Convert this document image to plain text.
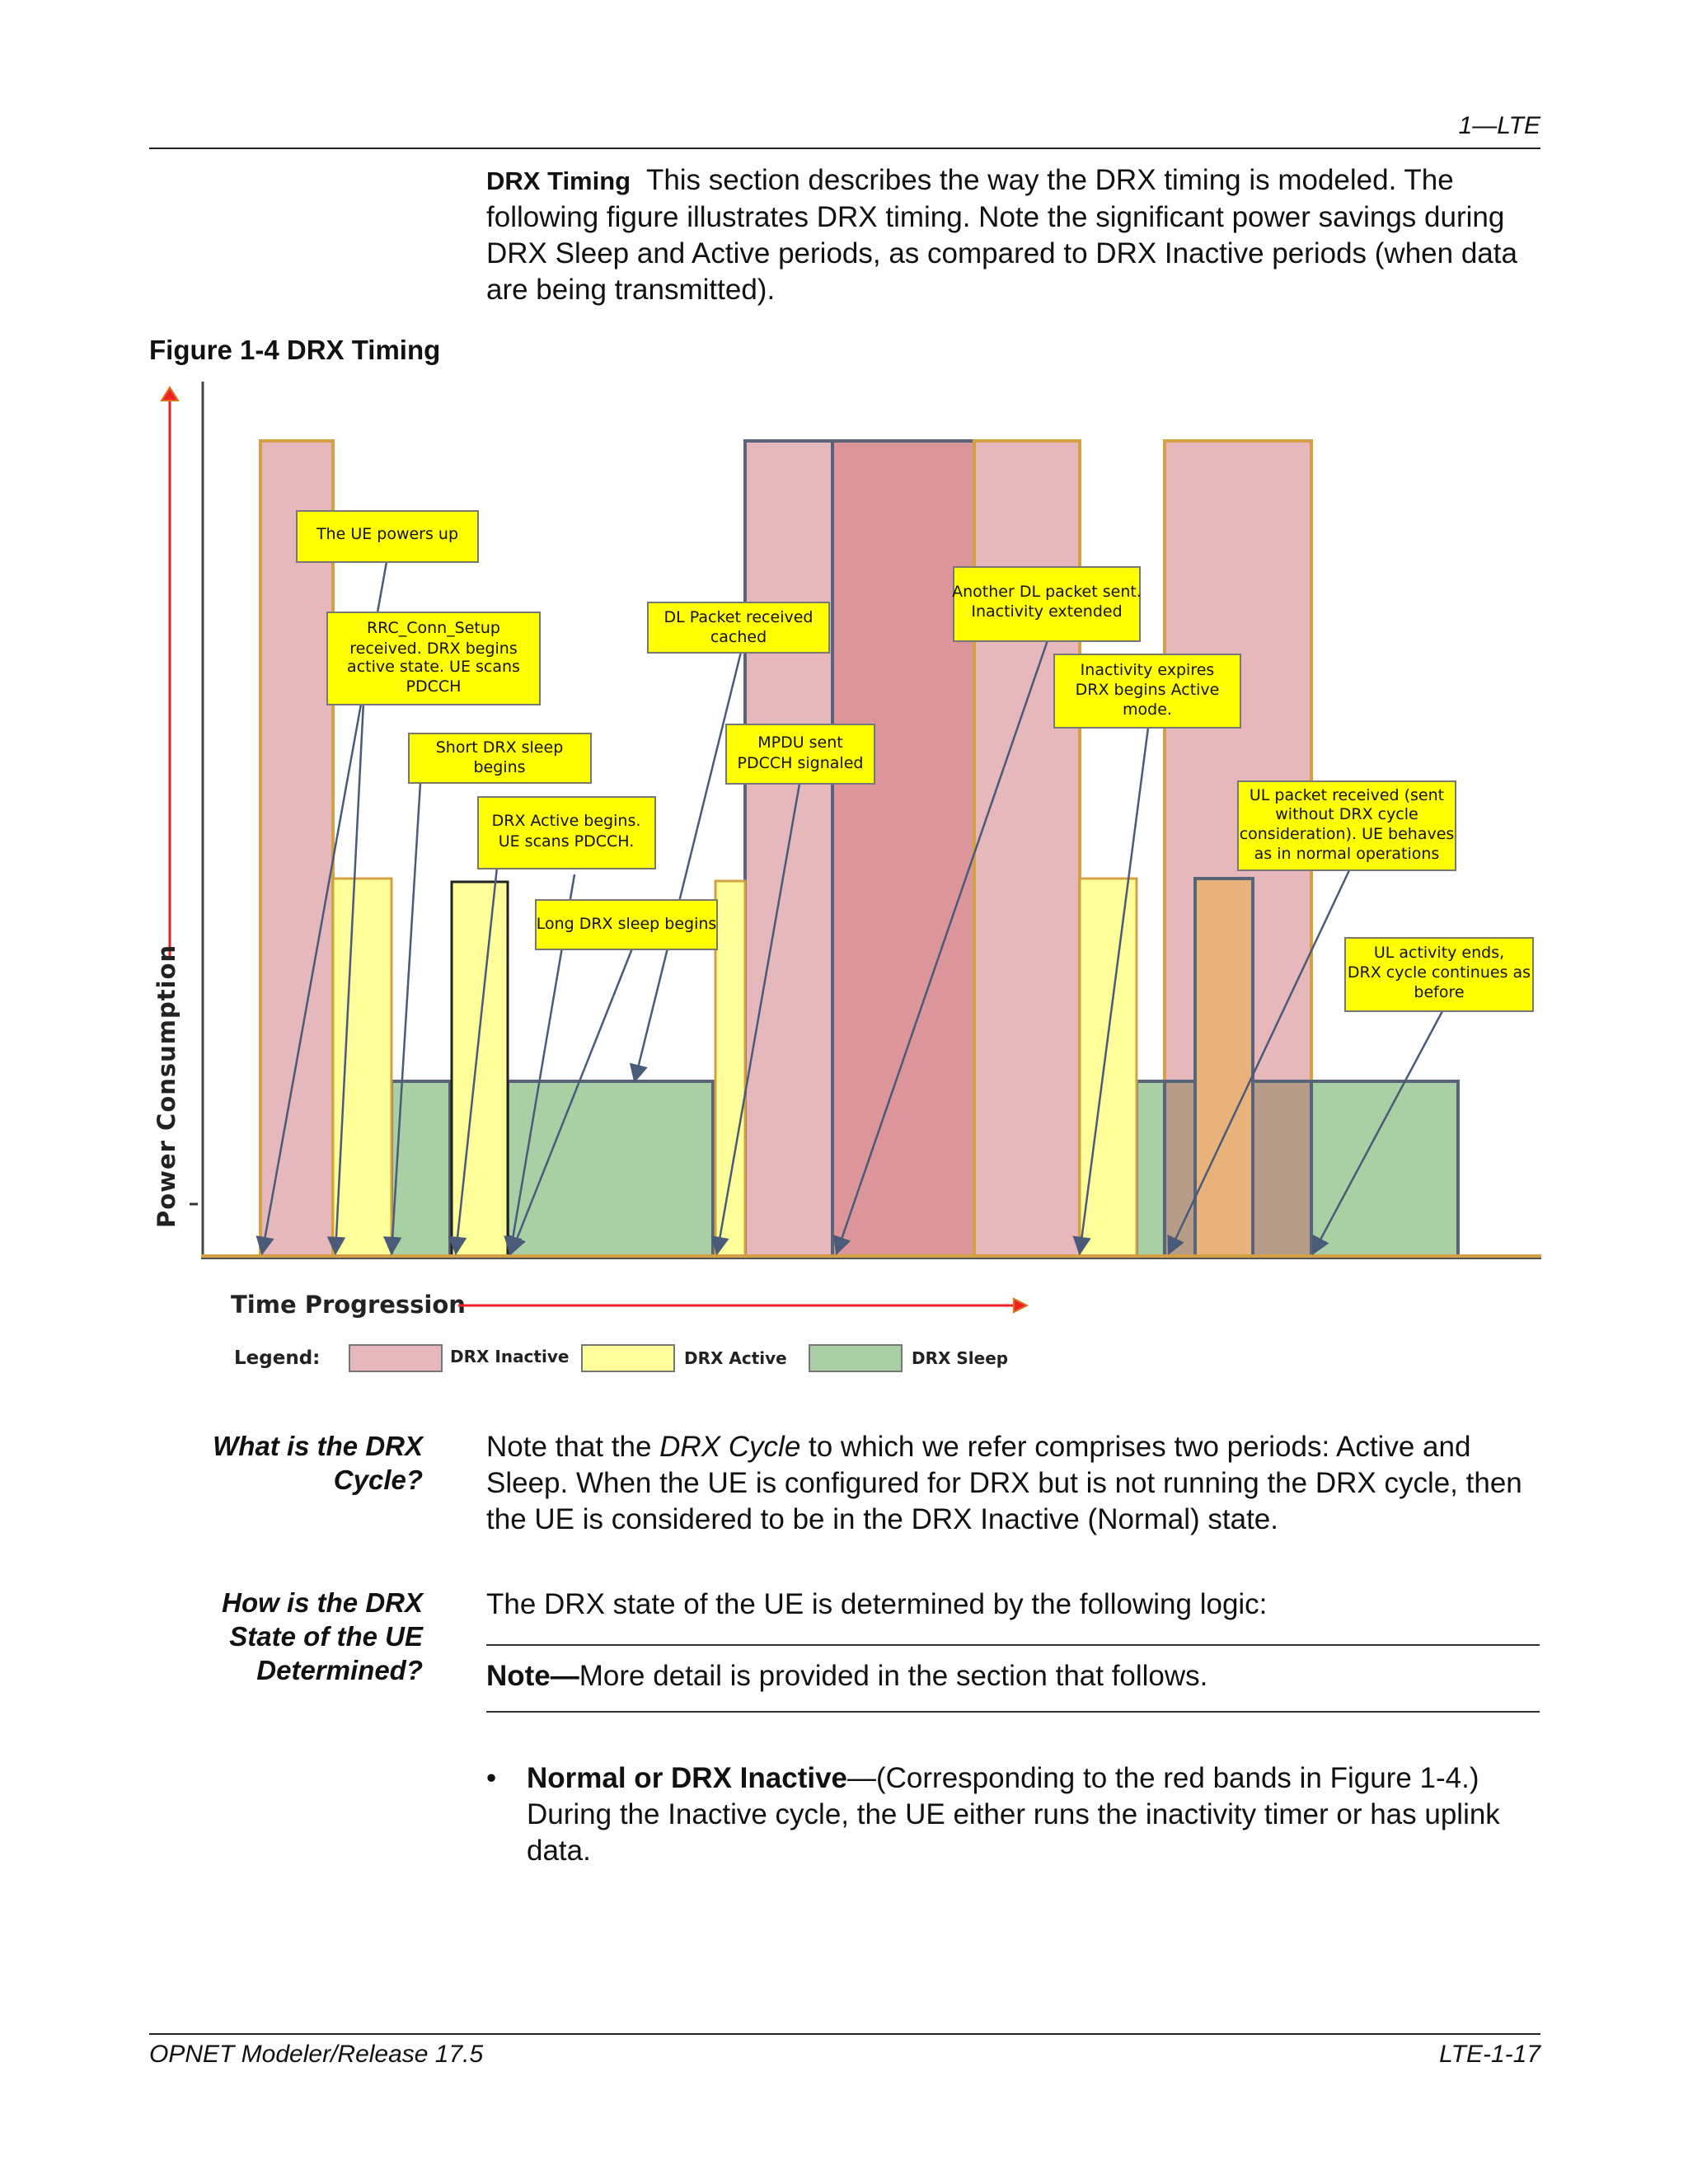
1—LTE
DRX Timing This section describes the way the DRX timing is modeled. The following figure illustrates DRX timing. Note the significant power savings during DRX Sleep and Active periods, as compared to DRX Inactive periods (when data are being transmitted).
Figure 1-4 DRX Timing
Power Consumption
Time Progression
Legend:	DRX Inactive	DRX Active	DRX Sleep
The UE powers up
RRC_Conn_Setup received. DRX begins active state. UE scans PDCCH
Short DRX sleep begins
DRX Active begins. UE scans PDCCH.
Long DRX sleep begins
DL Packet received cached
MPDU sent PDCCH signaled
Another DL packet sent. Inactivity extended
Inactivity expires DRX begins Active mode.
UL packet received (sent without DRX cycle consideration). UE behaves as in normal operations
UL activity ends, DRX cycle continues as before
What is the DRX
Cycle?
Note that the DRX Cycle to which we refer comprises two periods: Active and Sleep. When the UE is configured for DRX but is not running the DRX cycle, then the UE is considered to be in the DRX Inactive (Normal) state.
How is the DRX
State of the UE
Determined?
The DRX state of the UE is determined by the following logic:
Note—More detail is provided in the section that follows.
• Normal or DRX Inactive—(Corresponding to the red bands in Figure 1-4.) During the Inactive cycle, the UE either runs the inactivity timer or has uplink data.
OPNET Modeler/Release 17.5	LTE-1-17
